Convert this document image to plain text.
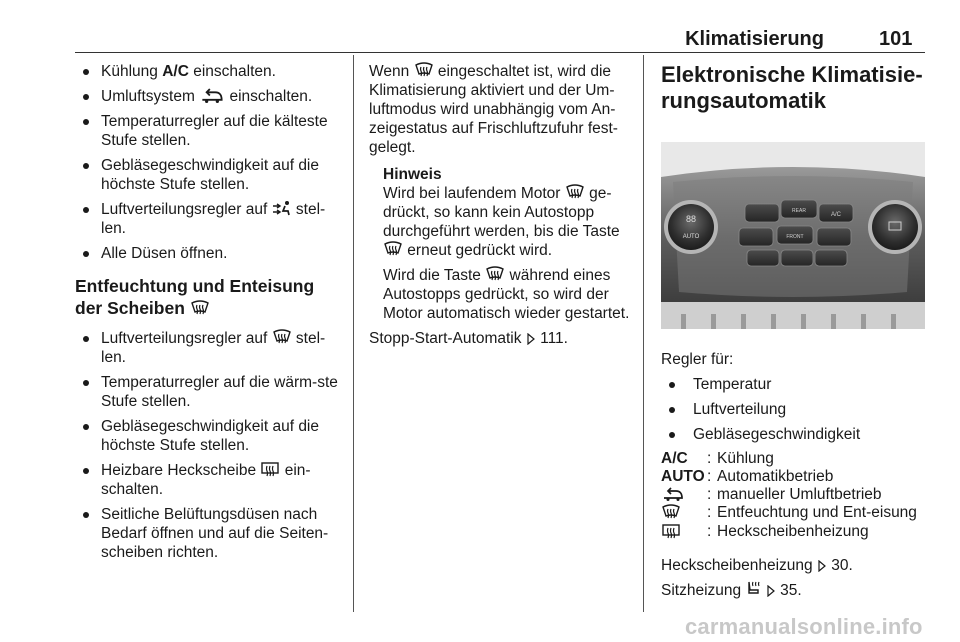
Klimatisierung	101
Kühlung A/C einschalten.
Umluftsystem
einschalten.
Temperaturregler auf die kälteste Stufe stellen.
Gebläsegeschwindigkeit auf die höchste Stufe stellen.
Luftverteilungsregler auf
stel-len.
Alle Düsen öffnen.
Entfeuchtung und Enteisung der Scheiben
Luftverteilungsregler auf
stel-len.
Temperaturregler auf die wärm-ste Stufe stellen.
Gebläsegeschwindigkeit auf die höchste Stufe stellen.
Heizbare Heckscheibe
ein-schalten.
Seitliche Belüftungsdüsen nach Bedarf öffnen und auf die Seiten-scheiben richten.

Wenn
eingeschaltet ist, wird die Klimatisierung aktiviert und der Um-luftmodus wird unabhängig vom An-zeigestatus auf Frischluftzufuhr fest-gelegt.

Hinweis

Wird bei laufendem Motor
ge-drückt, so kann kein Autostopp durchgeführt werden, bis die Taste
erneut gedrückt wird.

Wird die Taste
während eines Autostopps gedrückt, so wird der Motor automatisch wieder gestartet.

Stopp-Start-Automatik
111.

Elektronische Klimatisie-rungsautomatik
88
AUTO
REAR
FRONT
A/C

Regler für:

Temperatur
Luftverteilung
Gebläsegeschwindigkeit
A/C	:	Kühlung
AUTO	:	Automatikbetrieb

	:	manueller Umluftbetrieb

	:	Entfeuchtung und Ent-eisung

	:	Heckscheibenheizung

Heckscheibenheizung
30.

Sitzheizung

35.

carmanualsonline.info
